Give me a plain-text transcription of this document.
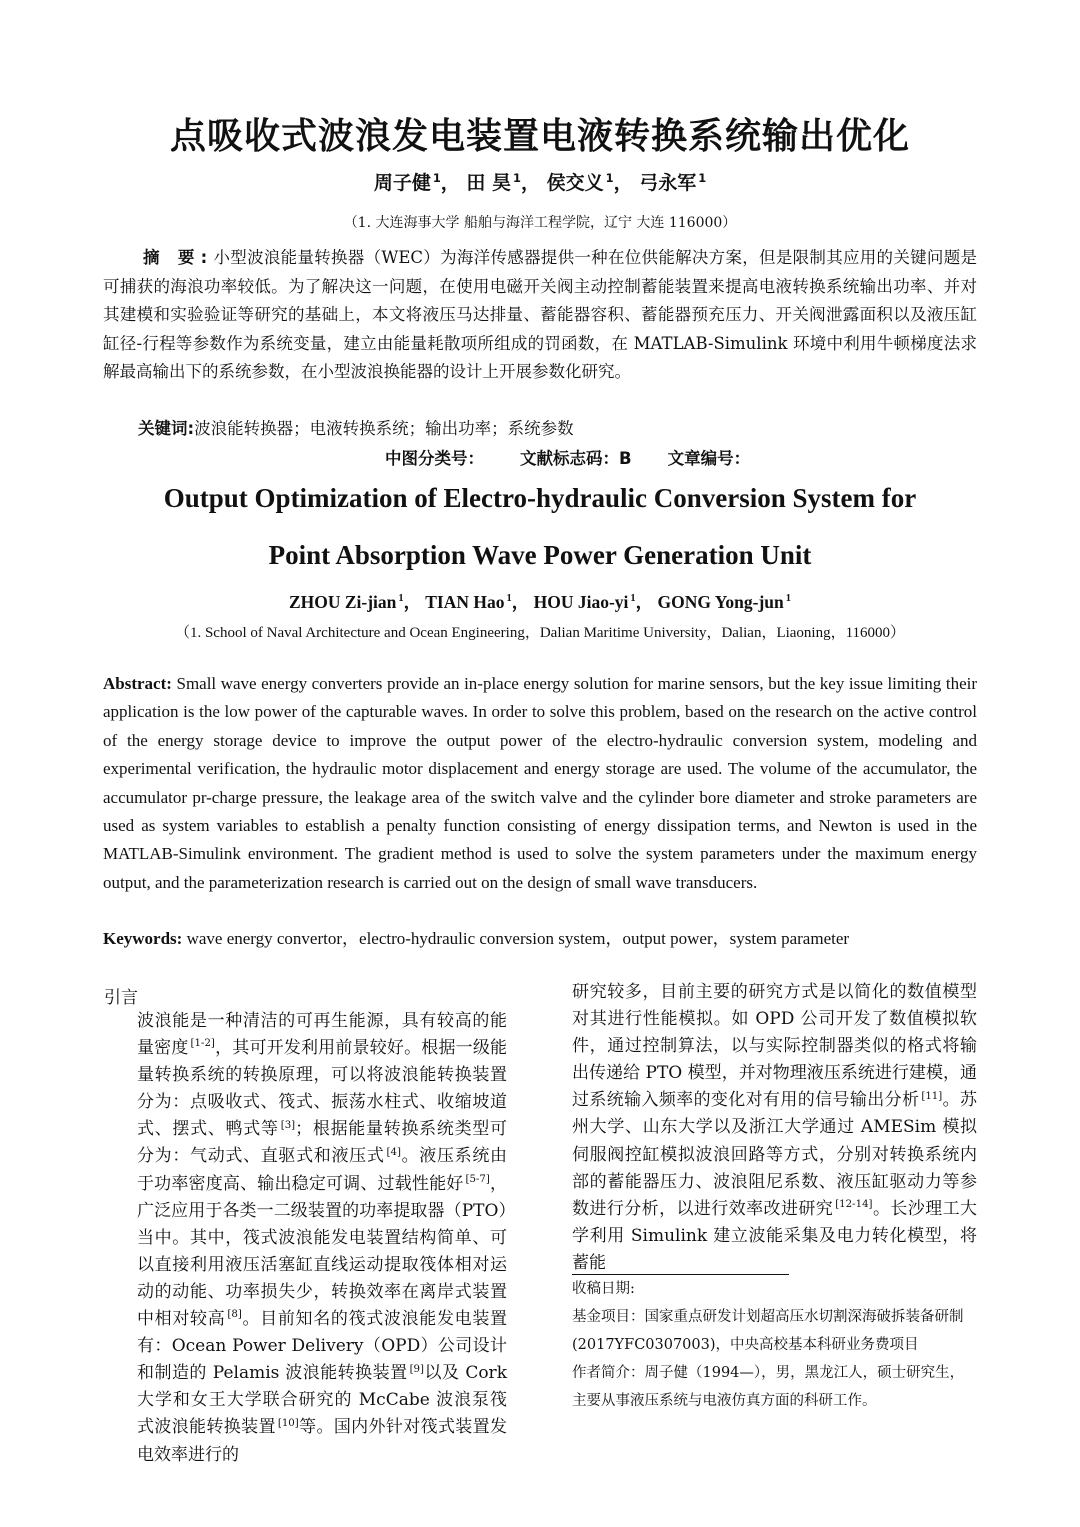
点吸收式波浪发电装置电液转换系统输出优化
周子健 $^1$， 田 昊 $^1$， 侯交义 $^1$， 弓永军 $^1$
（1. 大连海事大学 船舶与海洋工程学院，辽宁 大连 116000）
摘 要:小型波浪能量转换器（WEC）为海洋传感器提供一种在位供能解决方案，但是限制其应用的关键问题是可捕获的海浪功率较低。为了解决这一问题，在使用电磁开关阀主动控制蓄能装置来提高电液转换系统输出功率、并对其建模和实验验证等研究的基础上，本文将液压马达排量、蓄能器容积、蓄能器预充压力、开关阀泄露面积以及液压缸缸径-行程等参数作为系统变量，建立由能量耗散项所组成的罚函数，在 MATLAB-Simulink 环境中利用牛顿梯度法求解最高输出下的系统参数，在小型波浪换能器的设计上开展参数化研究。
关键词:波浪能转换器；电液转换系统；输出功率；系统参数
中图分类号： 文献标志码：B 文章编号：
Output Optimization of Electro-hydraulic Conversion System for
Point Absorption Wave Power Generation Unit
ZHOU Zi-jian $^1$， TIAN Hao $^1$， HOU Jiao-yi $^1$， GONG Yong-jun $^1$
（1. School of Naval Architecture and Ocean Engineering，Dalian Maritime University，Dalian，Liaoning，116000）
Abstract: Small wave energy converters provide an in-place energy solution for marine sensors, but the key issue limiting their application is the low power of the capturable waves. In order to solve this problem, based on the research on the active control of the energy storage device to improve the output power of the electro-hydraulic conversion system, modeling and experimental verification, the hydraulic motor displacement and energy storage are used. The volume of the accumulator, the accumulator pr-charge pressure, the leakage area of the switch valve and the cylinder bore diameter and stroke parameters are used as system variables to establish a penalty function consisting of energy dissipation terms, and Newton is used in the MATLAB-Simulink environment. The gradient method is used to solve the system parameters under the maximum energy output, and the parameterization research is carried out on the design of small wave transducers.
Keywords: wave energy convertor，electro-hydraulic conversion system，output power，system parameter
引言
波浪能是一种清洁的可再生能源，具有较高的能量密度 [1-2]，其可开发利用前景较好。根据一级能量转换系统的转换原理，可以将波浪能转换装置分为：点吸收式、筏式、振荡水柱式、收缩坡道式、摆式、鸭式等 [3]；根据能量转换系统类型可分为：气动式、直驱式和液压式 [4]。液压系统由于功率密度高、输出稳定可调、过载性能好 [5-7]，广泛应用于各类一二级装置的功率提取器（PTO）当中。其中，筏式波浪能发电装置结构简单、可以直接利用液压活塞缸直线运动提取筏体相对运动的动能、功率损失少，转换效率在离岸式装置中相对较高 [8]。目前知名的筏式波浪能发电装置有：Ocean Power Delivery（OPD）公司设计和制造的 Pelamis 波浪能转换装置 [9]以及 Cork 大学和女王大学联合研究的 McCabe 波浪泵筏式波浪能转换装置 [10]等。国内外针对筏式装置发电效率进行的
研究较多，目前主要的研究方式是以简化的数值模型对其进行性能模拟。如 OPD 公司开发了数值模拟软件，通过控制算法，以与实际控制器类似的格式将输出传递给 PTO 模型，并对物理液压系统进行建模，通过系统输入频率的变化对有用的信号输出分析 [11]。苏州大学、山东大学以及浙江大学通过 AMESim 模拟伺服阀控缸模拟波浪回路等方式，分别对转换系统内部的蓄能器压力、波浪阻尼系数、液压缸驱动力等参数进行分析，以进行效率改进研究 [12-14]。长沙理工大学利用 Simulink 建立波能采集及电力转化模型，将蓄能

收稿日期:

基金项目：国家重点研发计划超高压水切割深海破拆装备研制(2017YFC0307003)，中央高校基本科研业务费项目

作者简介：周子健（1994—），男，黑龙江人，硕士研究生，主要从事液压系统与电液仿真方面的科研工作。
